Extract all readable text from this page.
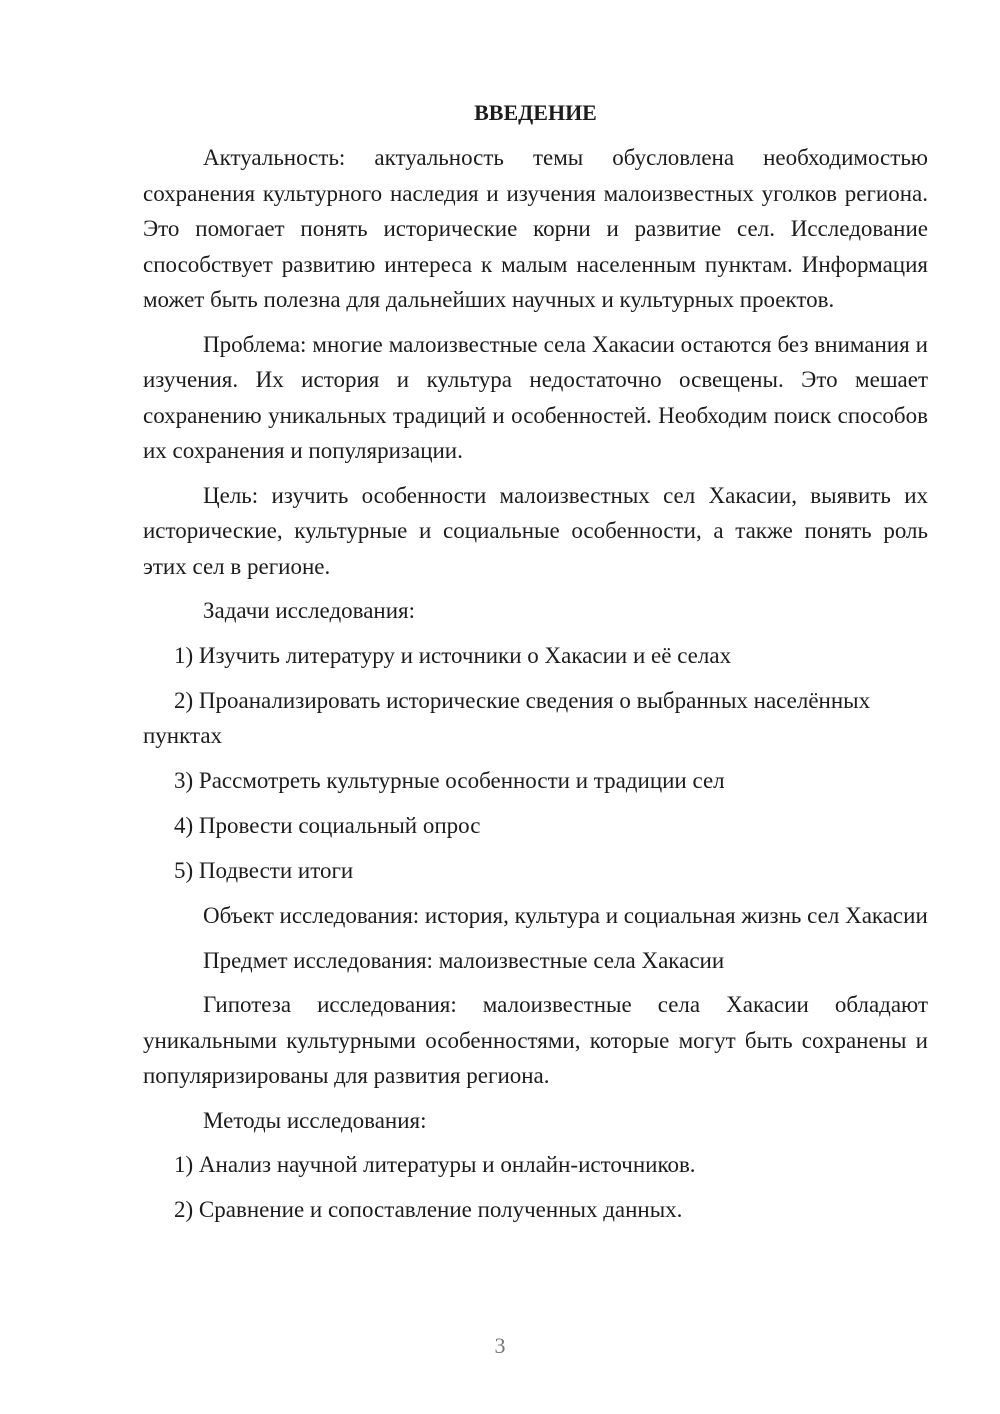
ВВЕДЕНИЕ

Актуальность: актуальность темы обусловлена необходимостью сохранения культурного наследия и изучения малоизвестных уголков региона. Это помогает понять исторические корни и развитие сел. Исследование способствует развитию интереса к малым населенным пунктам. Информация может быть полезна для дальнейших научных и культурных проектов.

Проблема: многие малоизвестные села Хакасии остаются без внимания и изучения. Их история и культура недостаточно освещены. Это мешает сохранению уникальных традиций и особенностей. Необходим поиск способов их сохранения и популяризации.

Цель: изучить особенности малоизвестных сел Хакасии, выявить их исторические, культурные и социальные особенности, а также понять роль этих сел в регионе.

Задачи исследования:

1) Изучить литературу и источники о Хакасии и её селах

2) Проанализировать исторические сведения о выбранных населённых пунктах

3) Рассмотреть культурные особенности и традиции сел

4) Провести социальный опрос

5) Подвести итоги

Объект исследования: история, культура и социальная жизнь сел Хакасии

Предмет исследования: малоизвестные села Хакасии

Гипотеза исследования: малоизвестные села Хакасии обладают уникальными культурными особенностями, которые могут быть сохранены и популяризированы для развития региона.

Методы исследования:

1) Анализ научной литературы и онлайн-источников.

2) Сравнение и сопоставление полученных данных.

3
